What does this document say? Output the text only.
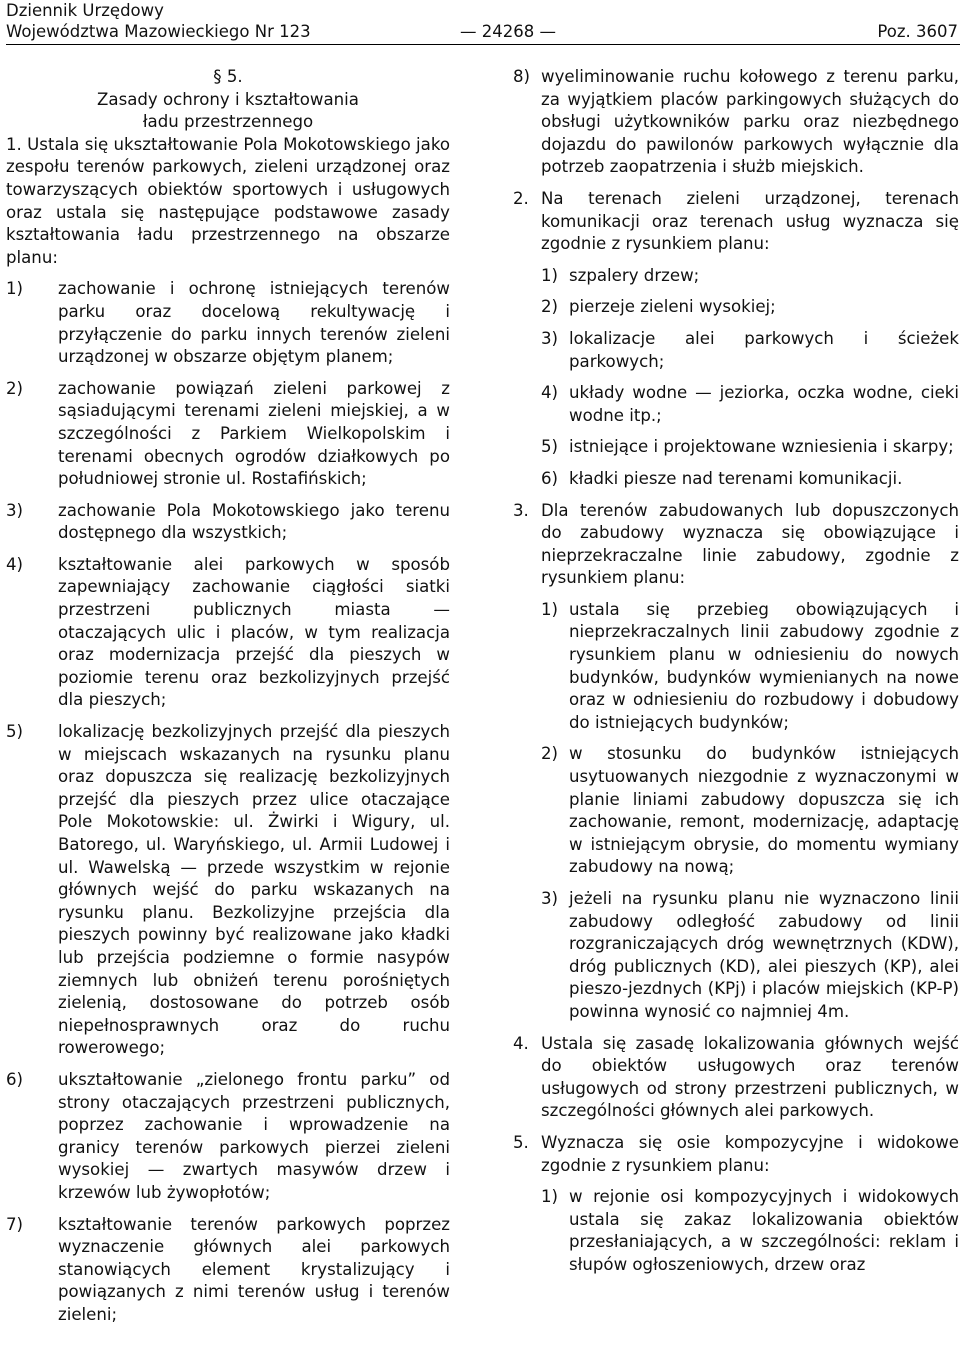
Dziennik Urzędowy
Województwa Mazowieckiego Nr 123	— 24268 —	Poz. 3607

§ 5.

Zasady ochrony i kształtowania

ładu przestrzennego

1. Ustala się ukształtowanie Pola Mokotowskiego jako zespołu terenów parkowych, zieleni urządzonej oraz towarzyszących obiektów sportowych i usługowych oraz ustala się następujące podstawowe zasady kształtowania ładu przestrzennego na obszarze planu:

1) zachowanie i ochronę istniejących terenów parku oraz docelową rekultywację i przyłączenie do parku innych terenów zieleni urządzonej w obszarze objętym planem;
2) zachowanie powiązań zieleni parkowej z sąsiadującymi terenami zieleni miejskiej, a w szczególności z Parkiem Wielkopolskim i terenami obecnych ogrodów działkowych po południowej stronie ul. Rostafińskich;
3) zachowanie Pola Mokotowskiego jako terenu dostępnego dla wszystkich;
4) kształtowanie alei parkowych w sposób zapewniający zachowanie ciągłości siatki przestrzeni publicznych miasta — otaczających ulic i placów, w tym realizacja oraz modernizacja przejść dla pieszych w poziomie terenu oraz bezkolizyjnych przejść dla pieszych;
5) lokalizację bezkolizyjnych przejść dla pieszych w miejscach wskazanych na rysunku planu oraz dopuszcza się realizację bezkolizyjnych przejść dla pieszych przez ulice otaczające Pole Mokotowskie: ul. Żwirki i Wigury, ul. Batorego, ul. Waryńskiego, ul. Armii Ludowej i ul. Wawelską — przede wszystkim w rejonie głównych wejść do parku wskazanych na rysunku planu. Bezkolizyjne przejścia dla pieszych powinny być realizowane jako kładki lub przejścia podziemne o formie nasypów ziemnych lub obniżeń terenu porośniętych zielenią, dostosowane do potrzeb osób niepełnosprawnych oraz do ruchu rowerowego;
6) ukształtowanie „zielonego frontu parku” od strony otaczających przestrzeni publicznych, poprzez zachowanie i wprowadzenie na granicy terenów parkowych pierzei zieleni wysokiej — zwartych masywów drzew i krzewów lub żywopłotów;
7) kształtowanie terenów parkowych poprzez wyznaczenie głównych alei parkowych stanowiących element krystalizujący i powiązanych z nimi terenów usług i terenów zieleni;
8) wyeliminowanie ruchu kołowego z terenu parku, za wyjątkiem placów parkingowych służących do obsługi użytkowników parku oraz niezbędnego dojazdu do pawilonów parkowych wyłącznie dla potrzeb zaopatrzenia i służb miejskich.
2. Na terenach zieleni urządzonej, terenach komunikacji oraz terenach usług wyznacza się zgodnie z rysunkiem planu:
1) szpalery drzew;
2) pierzeje zieleni wysokiej;
3) lokalizacje alei parkowych i ścieżek parkowych;
4) układy wodne — jeziorka, oczka wodne, cieki wodne itp.;
5) istniejące i projektowane wzniesienia i skarpy;
6) kładki piesze nad terenami komunikacji.
3. Dla terenów zabudowanych lub dopuszczonych do zabudowy wyznacza się obowiązujące i nieprzekraczalne linie zabudowy, zgodnie z rysunkiem planu:
1) ustala się przebieg obowiązujących i nieprzekraczalnych linii zabudowy zgodnie z rysunkiem planu w odniesieniu do nowych budynków, budynków wymienianych na nowe oraz w odniesieniu do rozbudowy i dobudowy do istniejących budynków;
2) w stosunku do budynków istniejących usytuowanych niezgodnie z wyznaczonymi w planie liniami zabudowy dopuszcza się ich zachowanie, remont, modernizację, adaptację w istniejącym obrysie, do momentu wymiany zabudowy na nową;
3) jeżeli na rysunku planu nie wyznaczono linii zabudowy odległość zabudowy od linii rozgraniczających dróg wewnętrznych (KDW), dróg publicznych (KD), alei pieszych (KP), alei pieszo-jezdnych (KPj) i placów miejskich (KP-P) powinna wynosić co najmniej 4m.
4. Ustala się zasadę lokalizowania głównych wejść do obiektów usługowych oraz terenów usługowych od strony przestrzeni publicznych, w szczególności głównych alei parkowych.
5. Wyznacza się osie kompozycyjne i widokowe zgodnie z rysunkiem planu:
1) w rejonie osi kompozycyjnych i widokowych ustala się zakaz lokalizowania obiektów przesłaniających, a w szczególności: reklam i słupów ogłoszeniowych, drzew oraz
